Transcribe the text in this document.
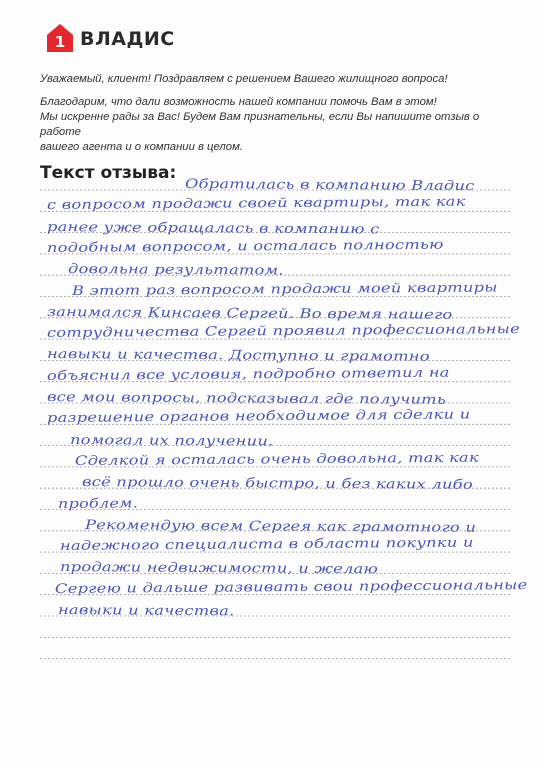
1 ВЛАДИС

Уважаемый, клиент! Поздравляем с решением Вашего жилищного вопроса!

Благодарим, что дали возможность нашей компании помочь Вам в этом!
Мы искренне рады за Вас! Будем Вам признательны, если Вы напишите отзыв о работе
вашего агента и о компании в целом.

Текст отзыва:
Обратилась в компанию Владис
с вопросом продажи своей квартиры, так как
ранее уже обращалась в компанию с
подобным вопросом, и осталась полностью
довольна результатом.
В этот раз вопросом продажи моей квартиры
занимался Кинсаев Сергей. Во время нашего
сотрудничества Сергей проявил профессиональные
навыки и качества. Доступно и грамотно
объяснил все условия, подробно ответил на
все мои вопросы, подсказывал где получить
разрешение органов необходимое для сделки и
помогал их получении.
Сделкой я осталась очень довольна, так как
всё прошло очень быстро, и без каких либо
проблем.
Рекомендую всем Сергея как грамотного и
надежного специалиста в области покупки и
продажи недвижимости, и желаю
Сергею и дальше развивать свои профессиональные
навыки и качества.
